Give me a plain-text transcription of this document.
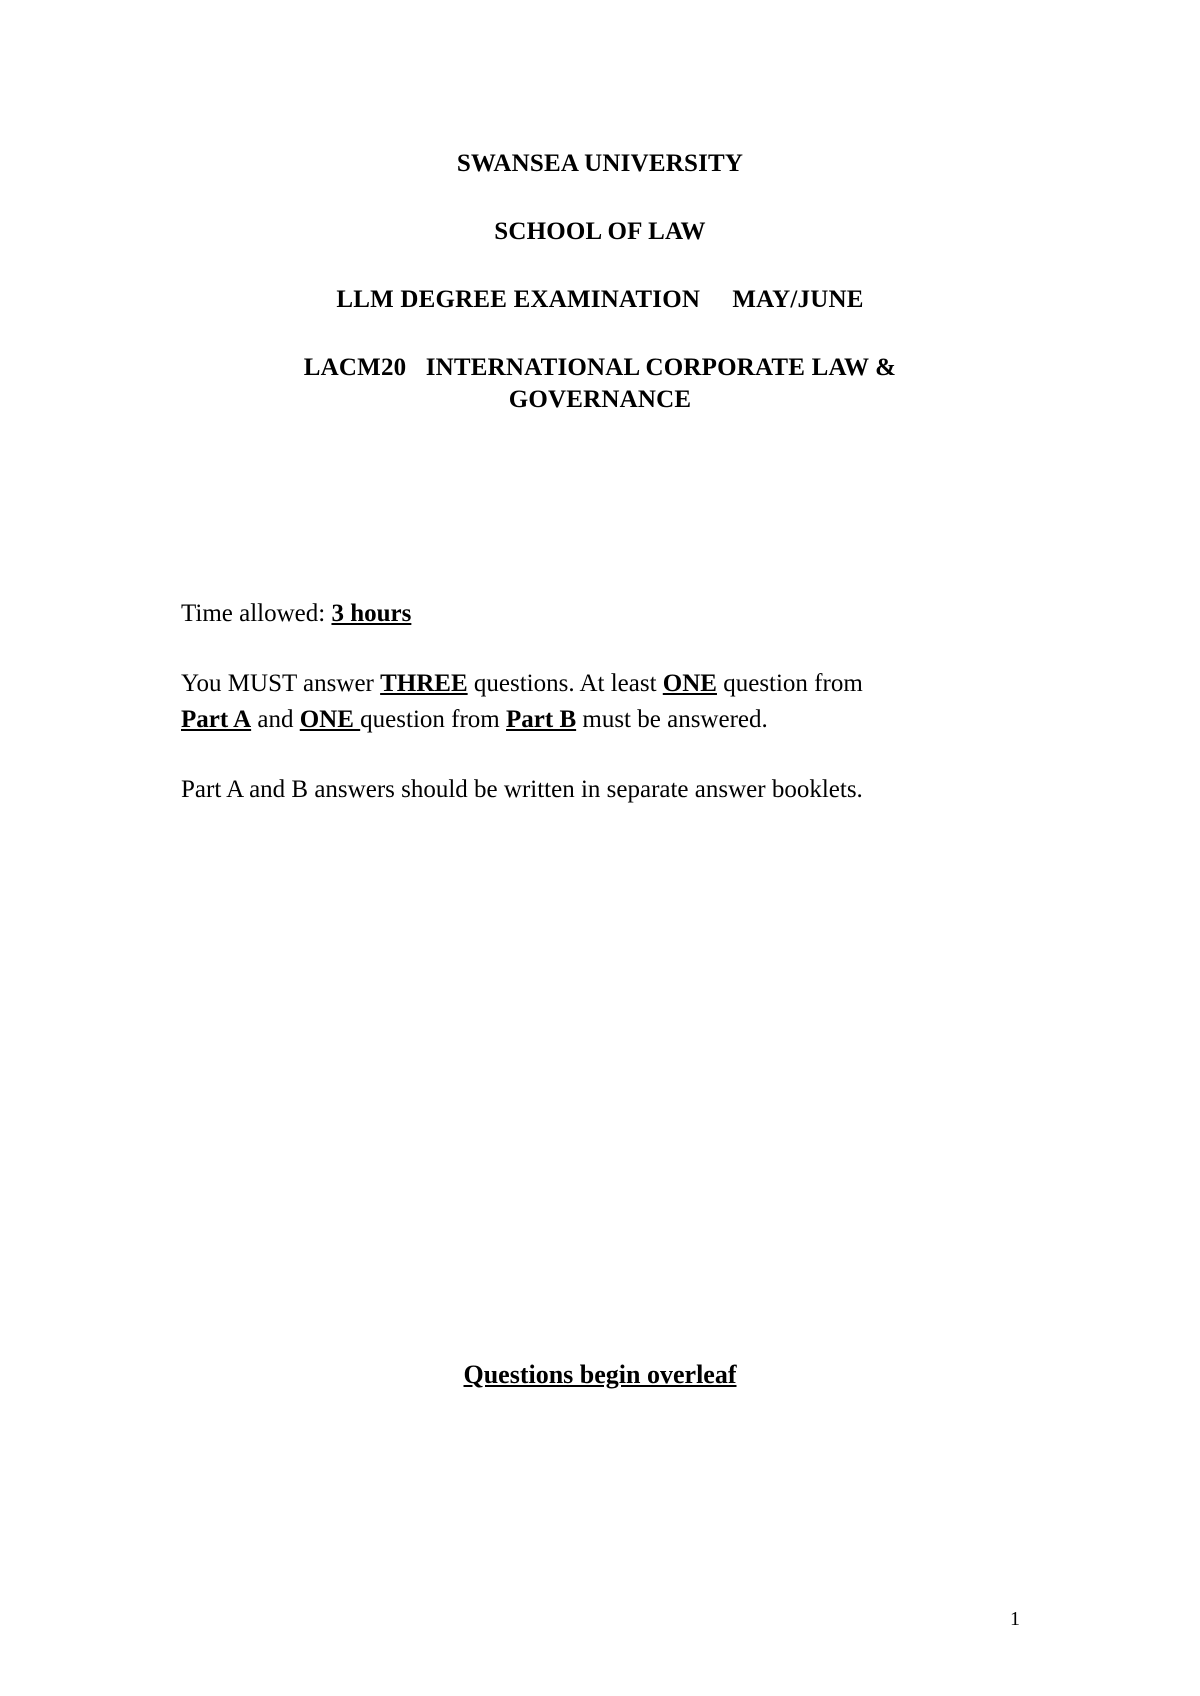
SWANSEA UNIVERSITY
SCHOOL OF LAW
LLM DEGREE EXAMINATION     MAY/JUNE
LACM20   INTERNATIONAL CORPORATE LAW &
GOVERNANCE
Time allowed: 3 hours
You MUST answer THREE questions. At least ONE question from
Part A and ONE question from Part B must be answered.
Part A and B answers should be written in separate answer booklets.
Questions begin overleaf
1
